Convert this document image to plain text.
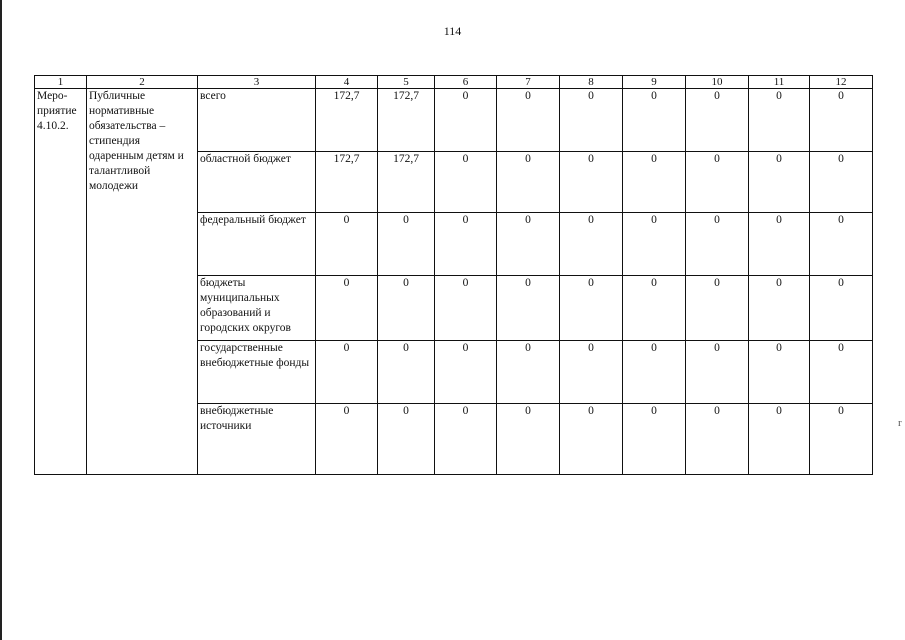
114
r
1	2	3	4	5	6	7	8	9	10	11	12
Меро-приятие 4.10.2.	Публичные нормативные обязательства – стипендия одаренным детям и талантливой молодежи	всего	172,7	172,7	0	0	0	0	0	0	0
		областной бюджет	172,7	172,7	0	0	0	0	0	0	0
		федеральный бюджет	0	0	0	0	0	0	0	0	0
		бюджеты муниципальных образований и городских округов	0	0	0	0	0	0	0	0	0
		государственные внебюджетные фонды	0	0	0	0	0	0	0	0	0
		внебюджетные источники	0	0	0	0	0	0	0	0	0
